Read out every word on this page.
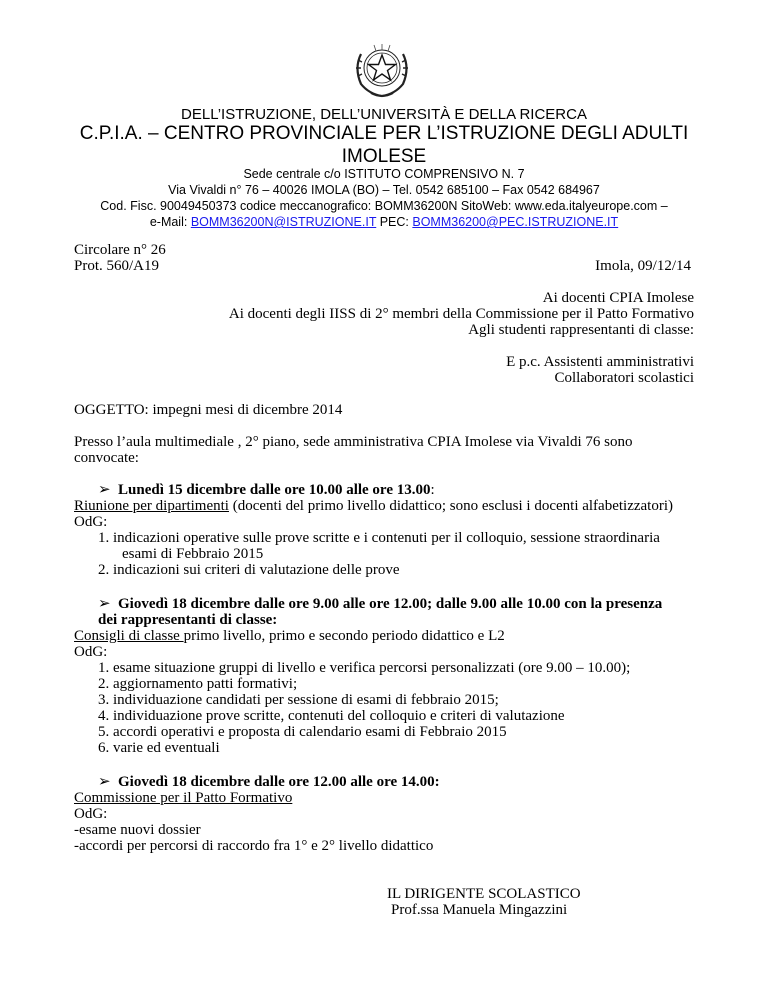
DELL’ISTRUZIONE, DELL’UNIVERSITÀ E DELLA RICERCA
C.P.I.A. – CENTRO PROVINCIALE PER L’ISTRUZIONE DEGLI ADULTI
IMOLESE
Sede centrale c/o ISTITUTO COMPRENSIVO N. 7
Via Vivaldi n° 76 – 40026 IMOLA (BO) – Tel. 0542 685100 – Fax 0542 684967
Cod. Fisc. 90049450373 codice meccanografico: BOMM36200N SitoWeb: www.eda.italyeurope.com –
e-Mail: BOMM36200N@ISTRUZIONE.IT PEC: BOMM36200@PEC.ISTRUZIONE.IT
Circolare n° 26
Prot. 560/A19	Imola, 09/12/14
Ai docenti CPIA Imolese
Ai docenti degli IISS di 2° membri della Commissione per il Patto Formativo
Agli studenti rappresentanti di classe:
E p.c. Assistenti amministrativi
Collaboratori scolastici
OGGETTO: impegni mesi di dicembre 2014
Presso l’aula multimediale , 2° piano, sede amministrativa CPIA Imolese via Vivaldi 76 sono
convocate:
➢ Lunedì 15 dicembre dalle ore 10.00 alle ore 13.00:
Riunione per dipartimenti (docenti del primo livello didattico; sono esclusi i docenti alfabetizzatori)
OdG:
1. indicazioni operative sulle prove scritte e i contenuti per il colloquio, sessione straordinaria
esami di Febbraio 2015
2. indicazioni sui criteri di valutazione delle prove
➢ Giovedì 18 dicembre dalle ore 9.00 alle ore 12.00; dalle 9.00 alle 10.00 con la presenza
dei rappresentanti di classe:
Consigli di classe primo livello, primo e secondo periodo didattico e L2
OdG:
1. esame situazione gruppi di livello e verifica percorsi personalizzati (ore 9.00 – 10.00);
2. aggiornamento patti formativi;
3. individuazione candidati per sessione di esami di febbraio 2015;
4. individuazione prove scritte, contenuti del colloquio e criteri di valutazione
5. accordi operativi e proposta di calendario esami di Febbraio 2015
6. varie ed eventuali
➢ Giovedì 18 dicembre dalle ore 12.00 alle ore 14.00:
Commissione per il Patto Formativo
OdG:
-esame nuovi dossier
-accordi per percorsi di raccordo fra 1° e 2° livello didattico
IL DIRIGENTE SCOLASTICO
Prof.ssa Manuela Mingazzini
